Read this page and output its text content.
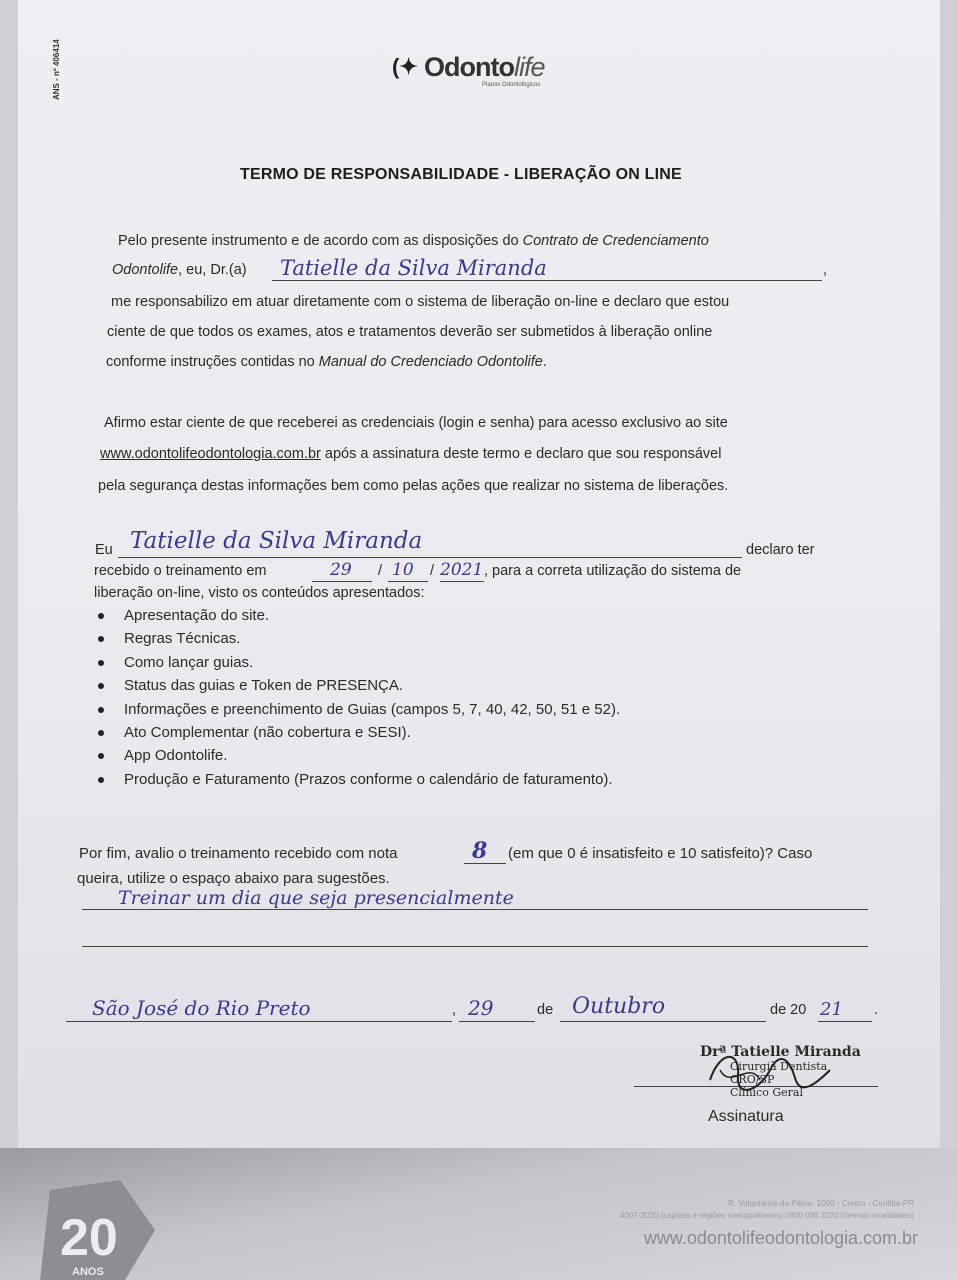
ANS - nº 406414	(✦ Odontolife
Planos Odontológicos
TERMO DE RESPONSABILIDADE - LIBERAÇÃO ON LINE
Pelo presente instrumento e de acordo com as disposições do Contrato de Credenciamento
Odontolife, eu, Dr.(a) Tatielle da Silva Miranda	,
me responsabilizo em atuar diretamente com o sistema de liberação on-line e declaro que estou
ciente de que todos os exames, atos e tratamentos deverão ser submetidos à liberação online
conforme instruções contidas no Manual do Credenciado Odontolife.
Afirmo estar ciente de que receberei as credenciais (login e senha) para acesso exclusivo ao site
www.odontolifeodontologia.com.br após a assinatura deste termo e declaro que sou responsável
pela segurança destas informações bem como pelas ações que realizar no sistema de liberações.
Eu Tatielle da Silva Miranda	declaro ter
recebido o treinamento em	29 / 10 / 2021 , para a correta utilização do sistema de
liberação on-line, visto os conteúdos apresentados:
Apresentação do site.
Regras Técnicas.
Como lançar guias.
Status das guias e Token de PRESENÇA.
Informações e preenchimento de Guias (campos 5, 7, 40, 42, 50, 51 e 52).
Ato Complementar (não cobertura e SESI).
App Odontolife.
Produção e Faturamento (Prazos conforme o calendário de faturamento).
Por fim, avalio o treinamento recebido com nota	8 (em que 0 é insatisfeito e 10 satisfeito)? Caso
queira, utilize o espaço abaixo para sugestões.
Treinar um dia que seja presencialmente
São José do Rio Preto	, 29	de Outubro	de 20 21 .
Drª Tatielle Miranda
Cirurgiã Dentista
CRO/SP
Clínico Geral
Assinatura
20
ANOS
R. Voluntários da Pátria, 1000 - Centro - Curitiba-PR
4007-2020 (capitais e regiões metropolitanas) 0800 000 2020 (demais localidades)
www.odontolifeodontologia.com.br
